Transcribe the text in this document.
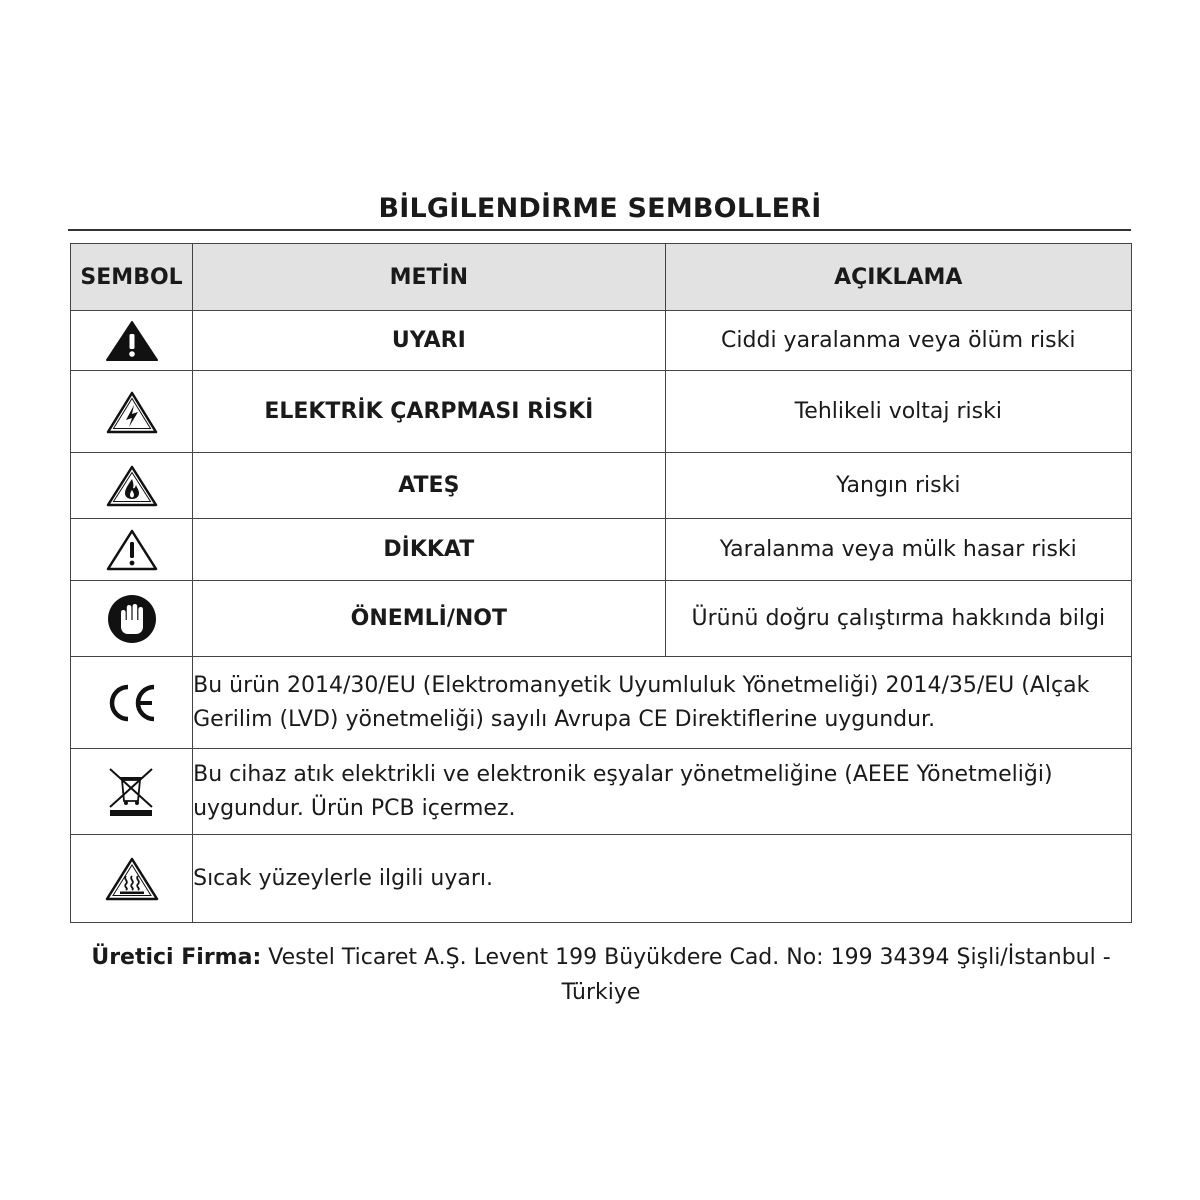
BİLGİLENDİRME SEMBOLLERİ
SEMBOL	METİN	AÇIKLAMA

	UYARI	Ciddi yaralanma veya ölüm riski

	ELEKTRİK ÇARPMASI RİSKİ	Tehlikeli voltaj riski

	ATEŞ	Yangın riski

	DİKKAT	Yaralanma veya mülk hasar riski

	ÖNEMLİ/NOT	Ürünü doğru çalıştırma hakkında bilgi

	Bu ürün 2014/30/EU (Elektromanyetik Uyumluluk Yönetmeliği) 2014/35/EU (Alçak Gerilim (LVD) yönetmeliği) sayılı Avrupa CE Direktiflerine uygundur.	

	Bu cihaz atık elektrikli ve elektronik eşyalar yönetmeliğine (AEEE Yönetmeliği) uygundur. Ürün PCB içermez.	

	Sıcak yüzeylerle ilgili uyarı.	
Üretici Firma: Vestel Ticaret A.Ş. Levent 199 Büyükdere Cad. No: 199 34394 Şişli/İstanbul - Türkiye
